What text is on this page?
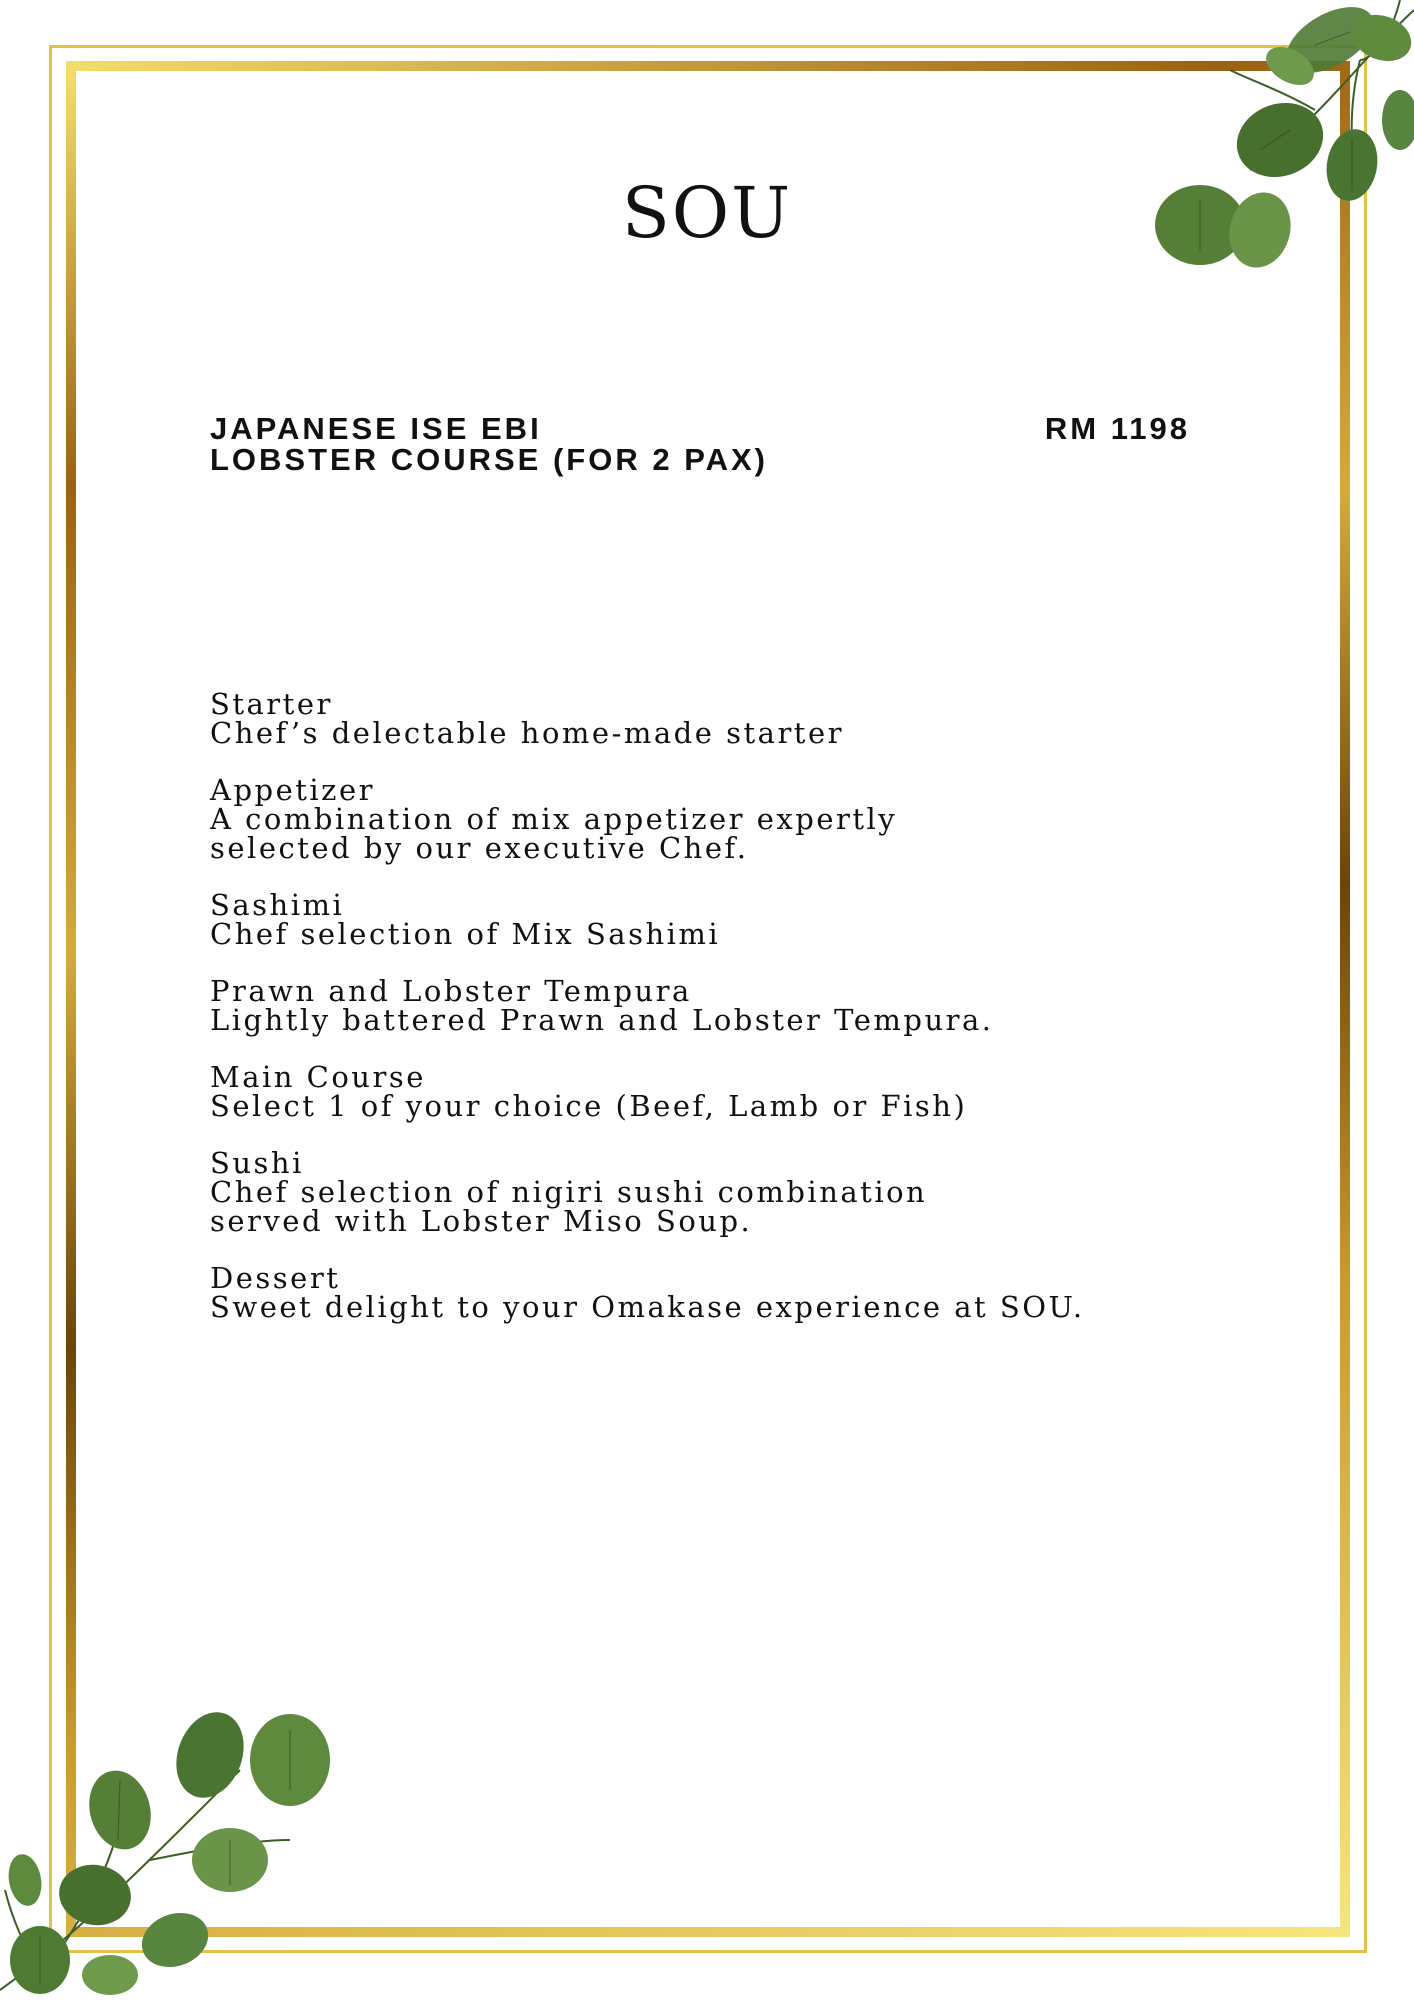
SOU
JAPANESE ISE EBI
LOBSTER COURSE (FOR 2 PAX)
RM 1198
Starter
Chef’s delectable home-made starter
Appetizer
A combination of mix appetizer expertly
selected by our executive Chef.
Sashimi
Chef selection of Mix Sashimi
Prawn and Lobster Tempura
Lightly battered Prawn and Lobster Tempura.
Main Course
Select 1 of your choice (Beef, Lamb or Fish)
Sushi
Chef selection of nigiri sushi combination
served with Lobster Miso Soup.
Dessert
Sweet delight to your Omakase experience at SOU.
